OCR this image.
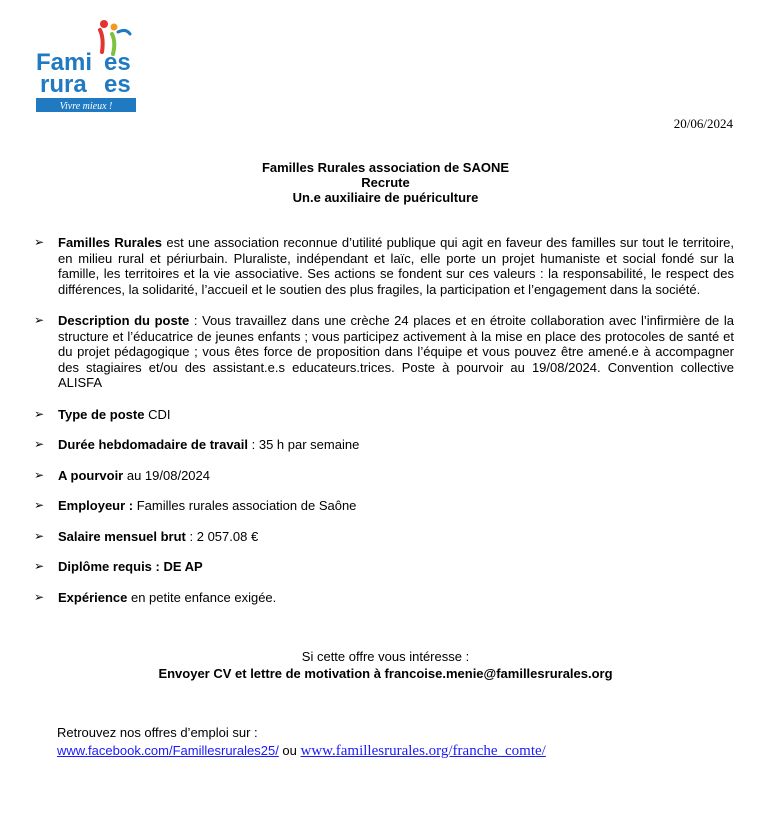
Fami es
rura es
Vivre mieux !
20/06/2024
Familles Rurales association de SAONE
Recrute
Un.e auxiliaire de puériculture
➢ Familles Rurales est une association reconnue d’utilité publique qui agit en faveur des familles sur tout le territoire, en milieu rural et périurbain. Pluraliste, indépendant et laïc, elle porte un projet humaniste et social fondé sur la famille, les territoires et la vie associative. Ses actions se fondent sur ces valeurs : la responsabilité, le respect des différences, la solidarité, l’accueil et le soutien des plus fragiles, la participation et l’engagement dans la société.
➢ Description du poste : Vous travaillez dans une crèche 24 places et en étroite collaboration avec l’infirmière de la structure et l’éducatrice de jeunes enfants ; vous participez activement à la mise en place des protocoles de santé et du projet pédagogique ; vous êtes force de proposition dans l’équipe et vous pouvez être amené.e à accompagner des stagiaires et/ou des assistant.e.s educateurs.trices. Poste à pourvoir au 19/08/2024. Convention collective ALISFA
➢ Type de poste CDI
➢ Durée hebdomadaire de travail : 35 h par semaine
➢ A pourvoir au 19/08/2024
➢ Employeur : Familles rurales association de Saône
➢ Salaire mensuel brut : 2 057.08 €
➢ Diplôme requis : DE AP
➢ Expérience en petite enfance exigée.
Si cette offre vous intéresse :
Envoyer CV et lettre de motivation à francoise.menie@famillesrurales.org
Retrouvez nos offres d’emploi sur :
www.facebook.com/Famillesrurales25/ ou www.famillesrurales.org/franche_comte/
